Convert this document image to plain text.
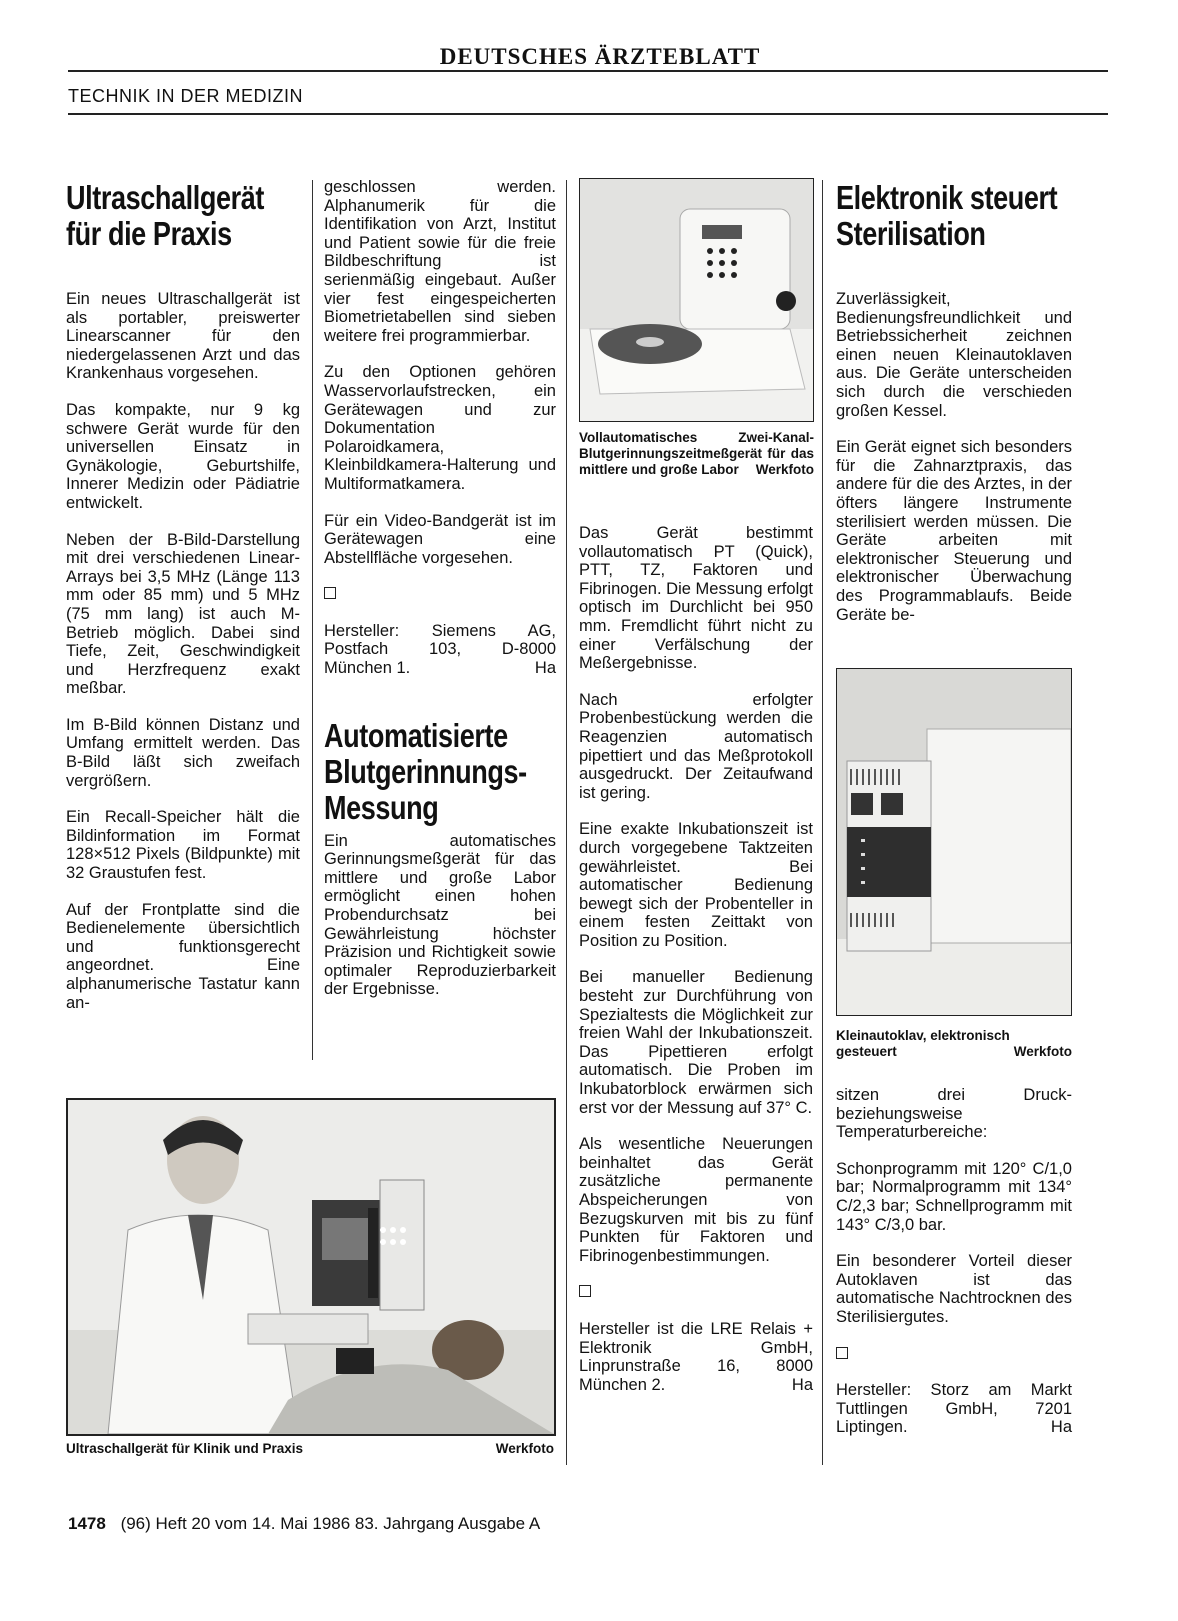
DEUTSCHES ÄRZTEBLATT
TECHNIK IN DER MEDIZIN
Ultraschallgerät
für die Praxis

Ein neues Ultraschallgerät ist als portabler, preiswerter Linearscanner für den niedergelassenen Arzt und das Krankenhaus vorgesehen.

Das kompakte, nur 9 kg schwere Gerät wurde für den universellen Einsatz in Gynäkologie, Geburtshilfe, Innerer Medizin oder Pädiatrie entwickelt.

Neben der B-Bild-Darstellung mit drei verschiedenen Linear-Arrays bei 3,5 MHz (Länge 113 mm oder 85 mm) und 5 MHz (75 mm lang) ist auch M-Betrieb möglich. Dabei sind Tiefe, Zeit, Geschwindigkeit und Herzfrequenz exakt meßbar.

Im B-Bild können Distanz und Umfang ermittelt werden. Das B-Bild läßt sich zweifach vergrößern.

Ein Recall-Speicher hält die Bildinformation im Format 128×512 Pixels (Bildpunkte) mit 32 Graustufen fest.

Auf der Frontplatte sind die Bedienelemente übersichtlich und funktionsgerecht angeordnet. Eine alphanumerische Tastatur kann an-

geschlossen werden. Alphanumerik für die Identifikation von Arzt, Institut und Patient sowie für die freie Bildbeschriftung ist serienmäßig eingebaut. Außer vier fest eingespeicherten Biometrietabellen sind sieben weitere frei programmierbar.

Zu den Optionen gehören Wasservorlaufstrecken, ein Gerätewagen und zur Dokumentation Polaroidkamera, Kleinbildkamera-Halterung und Multiformatkamera.

Für ein Video-Bandgerät ist im Gerätewagen eine Abstellfläche vorgesehen.

Hersteller: Siemens AG, Postfach 103, D-8000 München 1.	Ha

Automatisierte
Blutgerinnungs-
Messung

Ein automatisches Gerinnungsmeßgerät für das mittlere und große Labor ermöglicht einen hohen Probendurchsatz bei Gewährleistung höchster Präzision und Richtigkeit sowie optimaler Reproduzierbarkeit der Ergebnisse.

Ultraschallgerät für Klinik und Praxis	Werkfoto
Vollautomatisches Zwei-Kanal-Blutgerinnungszeitmeßgerät für das mittlere und große Labor Werkfoto

Das Gerät bestimmt vollautomatisch PT (Quick), PTT, TZ, Faktoren und Fibrinogen. Die Messung erfolgt optisch im Durchlicht bei 950 mm. Fremdlicht führt nicht zu einer Verfälschung der Meßergebnisse.

Nach erfolgter Probenbestückung werden die Reagenzien automatisch pipettiert und das Meßprotokoll ausgedruckt. Der Zeitaufwand ist gering.

Eine exakte Inkubationszeit ist durch vorgegebene Taktzeiten gewährleistet. Bei automatischer Bedienung bewegt sich der Probenteller in einem festen Zeittakt von Position zu Position.

Bei manueller Bedienung besteht zur Durchführung von Spezialtests die Möglichkeit zur freien Wahl der Inkubationszeit. Das Pipettieren erfolgt automatisch. Die Proben im Inkubatorblock erwärmen sich erst vor der Messung auf 37° C.

Als wesentliche Neuerungen beinhaltet das Gerät zusätzliche permanente Abspeicherungen von Bezugskurven mit bis zu fünf Punkten für Faktoren und Fibrinogenbestimmungen.

Hersteller ist die LRE Relais + Elektronik GmbH, Linprunstraße 16, 8000 München 2.	Ha

Elektronik steuert
Sterilisation

Zuverlässigkeit, Bedienungsfreundlichkeit und Betriebssicherheit zeichnen einen neuen Kleinautoklaven aus. Die Geräte unterscheiden sich durch die verschieden großen Kessel.

Ein Gerät eignet sich besonders für die Zahnarztpraxis, das andere für die des Arztes, in der öfters längere Instrumente sterilisiert werden müssen. Die Geräte arbeiten mit elektronischer Steuerung und elektronischer Überwachung des Programmablaufs. Beide Geräte be-

Kleinautoklav, elektronisch gesteuert	Werkfoto

sitzen drei Druck- beziehungsweise Temperaturbereiche:

Schonprogramm mit 120° C/1,0 bar; Normalprogramm mit 134° C/2,3 bar; Schnellprogramm mit 143° C/3,0 bar.

Ein besonderer Vorteil dieser Autoklaven ist das automatische Nachtrocknen des Sterilisiergutes.

Hersteller: Storz am Markt Tuttlingen GmbH, 7201 Liptingen.	Ha

1478 (96) Heft 20 vom 14. Mai 1986 83. Jahrgang Ausgabe A
